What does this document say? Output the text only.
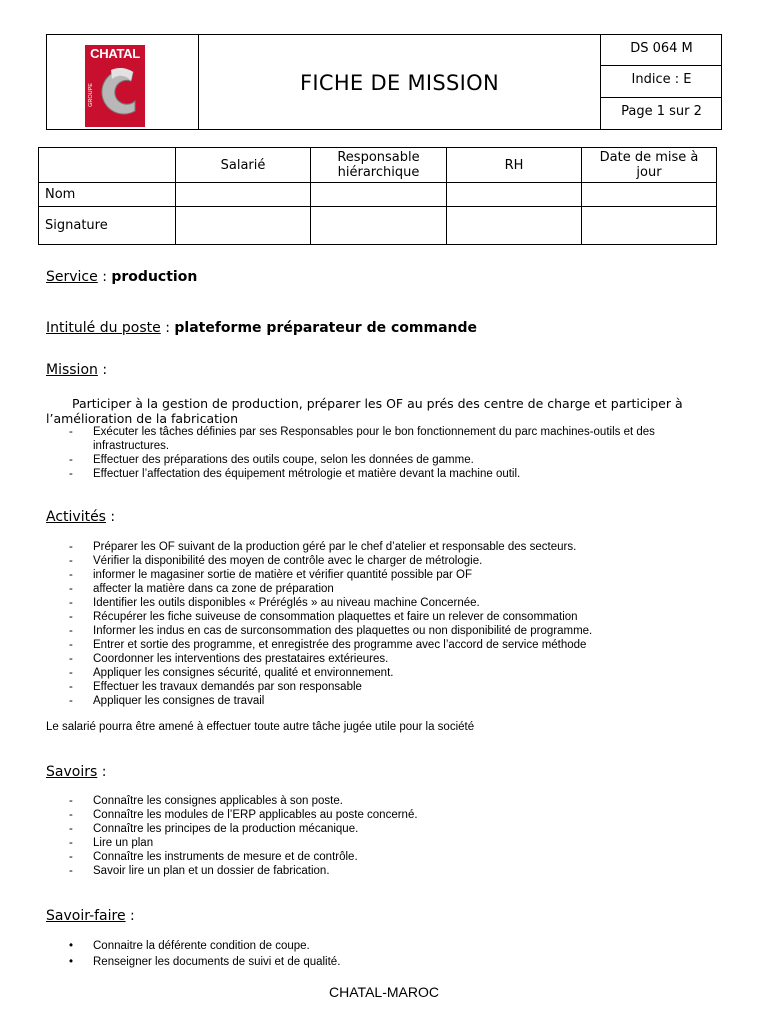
CHATAL
GROUPE	FICHE DE MISSION
DS 064 M
Indice : E
Page 1 sur 2
	Salarié	Responsable hiérarchique	RH	Date de mise à jour
Nom				
Signature				
Service : production
Intitulé du poste : plateforme préparateur de commande
Mission :
Participer à la gestion de production, préparer les OF au prés des centre de charge et participer à
l’amélioration de la fabrication
- Exécuter les tâches définies par ses Responsables pour le bon fonctionnement du parc machines-outils et des infrastructures.
- Effectuer des préparations des outils coupe, selon les données de gamme.
- Effectuer l’affectation des équipement métrologie et matière devant la machine outil.
Activités :
- Préparer les OF suivant de la production géré par le chef d’atelier et responsable des secteurs.
- Vérifier la disponibilité des moyen de contrôle avec le charger de métrologie.
- informer le magasiner sortie de matière et vérifier quantité possible par OF
- affecter la matière dans ca zone de préparation
- Identifier les outils disponibles « Préréglés » au niveau machine Concernée.
- Récupérer les fiche suiveuse de consommation plaquettes et faire un relever de consommation
- Informer les indus en cas de surconsommation des plaquettes ou non disponibilité de programme.
- Entrer et sortie des programme, et enregistrée des programme avec l’accord de service méthode
- Coordonner les interventions des prestataires extérieures.
- Appliquer les consignes sécurité, qualité et environnement.
- Effectuer les travaux demandés par son responsable
- Appliquer les consignes de travail
Le salarié pourra être amené à effectuer toute autre tâche jugée utile pour la société
Savoirs :
- Connaître les consignes applicables à son poste.
- Connaître les modules de l’ERP applicables au poste concerné.
- Connaître les principes de la production mécanique.
- Lire un plan
- Connaître les instruments de mesure et de contrôle.
- Savoir lire un plan et un dossier de fabrication.
Savoir-faire :
• Connaitre la déférente condition de coupe.
• Renseigner les documents de suivi et de qualité.
CHATAL-MAROC
